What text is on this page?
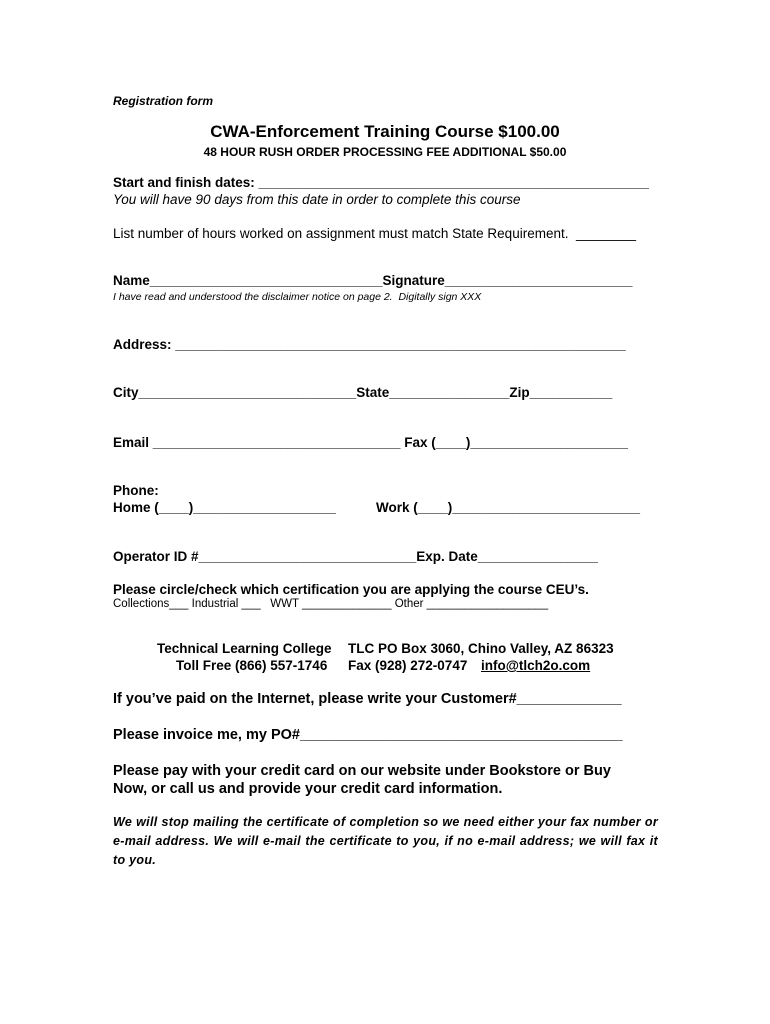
Registration form
CWA-Enforcement Training Course $100.00
48 HOUR RUSH ORDER PROCESSING FEE ADDITIONAL $50.00
Start and finish dates: ____________________________________________________
You will have 90 days from this date in order to complete this course
List number of hours worked on assignment must match State Requirement.  ________
Name_______________________________Signature_________________________
I have read and understood the disclaimer notice on page 2.  Digitally sign XXX
Address: ____________________________________________________________
City_____________________________State________________Zip___________
Email _________________________________ Fax (____)_____________________
Phone:
Home (____)___________________	Work (____)_________________________
Operator ID #_____________________________Exp. Date________________
Please circle/check which certification you are applying the course CEU’s.
Collections___ Industrial ___   WWT ______________ Other ___________________
Technical Learning College TLC PO Box 3060, Chino Valley, AZ 86323
Toll Free (866) 557-1746 Fax (928) 272-0747 info@tlch2o.com
If you’ve paid on the Internet, please write your Customer#_____________
Please invoice me, my PO#________________________________________
Please pay with your credit card on our website under Bookstore or Buy
Now, or call us and provide your credit card information.
We will stop mailing the certificate of completion so we need either your fax number or e-mail address. We will e-mail the certificate to you, if no e-mail address; we will fax it to you.
